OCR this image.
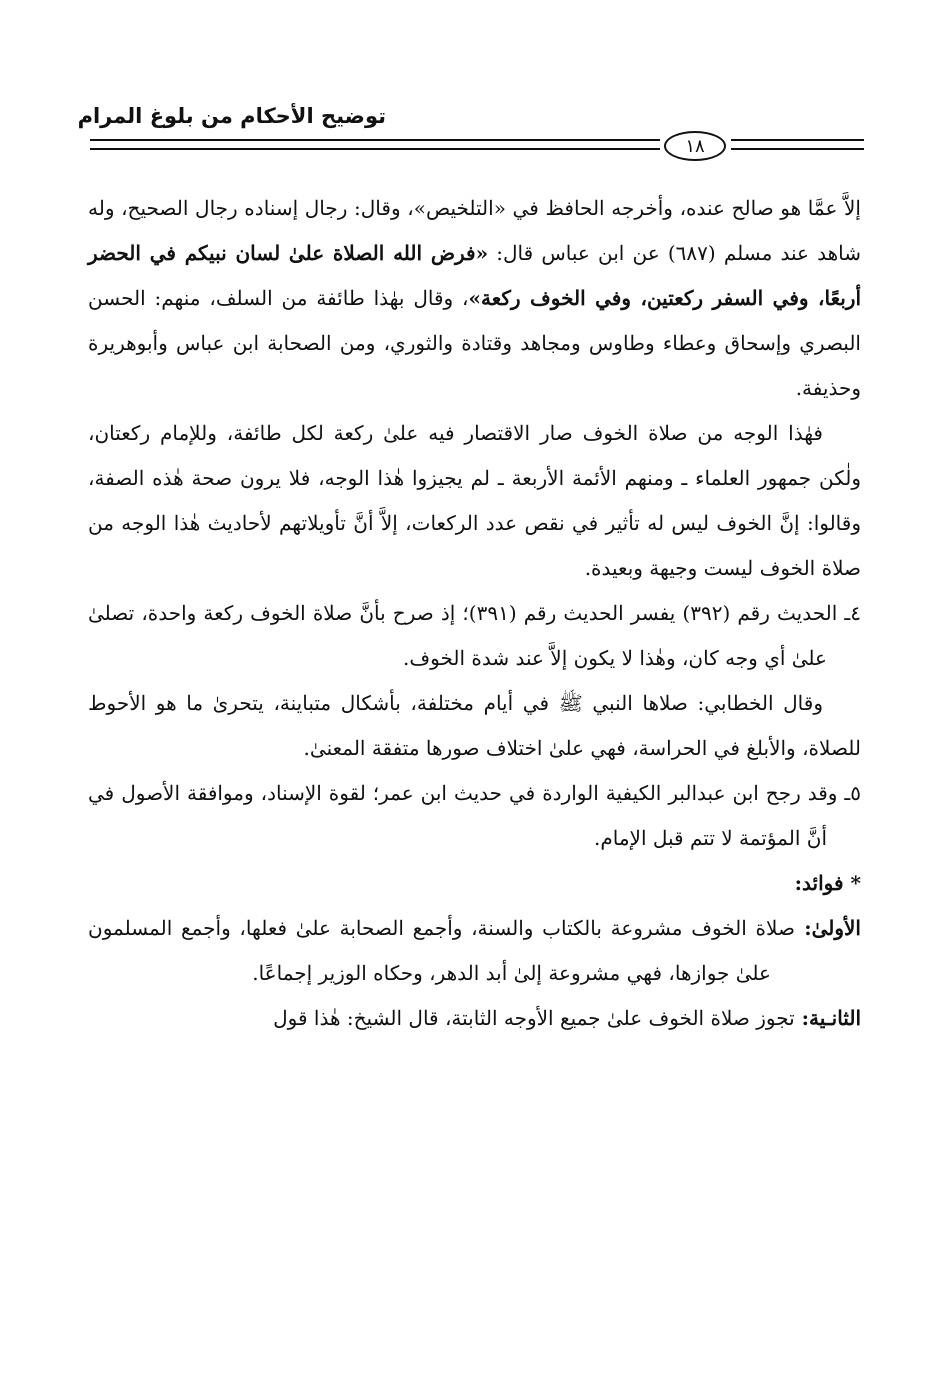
توضيح الأحكام من بلوغ المرام
١٨

إلاَّ عمَّا هو صالح عنده، وأخرجه الحافظ في «التلخيص»، وقال: رجال إسناده رجال الصحيح، وله شاهد عند مسلم (٦٨٧) عن ابن عباس قال: «فرض الله الصلاة علىٰ لسان نبيكم في الحضر أربعًا، وفي السفر ركعتين، وفي الخوف ركعة»، وقال بهٰذا طائفة من السلف، منهم: الحسن البصري وإسحاق وعطاء وطاوس ومجاهد وقتادة والثوري، ومن الصحابة ابن عباس وأبوهريرة وحذيفة.

فهٰذا الوجه من صلاة الخوف صار الاقتصار فيه علىٰ ركعة لكل طائفة، وللإمام ركعتان، ولٰكن جمهور العلماء ـ ومنهم الأئمة الأربعة ـ لم يجيزوا هٰذا الوجه، فلا يرون صحة هٰذه الصفة، وقالوا: إنَّ الخوف ليس له تأثير في نقص عدد الركعات، إلاَّ أنَّ تأويلاتهم لأحاديث هٰذا الوجه من صلاة الخوف ليست وجيهة وبعيدة.

٤ـ الحديث رقم (٣٩٢) يفسر الحديث رقم (٣٩١)؛ إذ صرح بأنَّ صلاة الخوف ركعة واحدة، تصلىٰ علىٰ أي وجه كان، وهٰذا لا يكون إلاَّ عند شدة الخوف.

وقال الخطابي: صلاها النبي ﷺ في أيام مختلفة، بأشكال متباينة، يتحرىٰ ما هو الأحوط للصلاة، والأبلغ في الحراسة، فهي علىٰ اختلاف صورها متفقة المعنىٰ.

٥ـ وقد رجح ابن عبدالبر الكيفية الواردة في حديث ابن عمر؛ لقوة الإسناد، وموافقة الأصول في أنَّ المؤتمة لا تتم قبل الإمام.

* فوائد:

الأولىٰ: صلاة الخوف مشروعة بالكتاب والسنة، وأجمع الصحابة علىٰ فعلها، وأجمع المسلمون علىٰ جوازها، فهي مشروعة إلىٰ أبد الدهر، وحكاه الوزير إجماعًا.

الثانـية: تجوز صلاة الخوف علىٰ جميع الأوجه الثابتة، قال الشيخ: هٰذا قول
